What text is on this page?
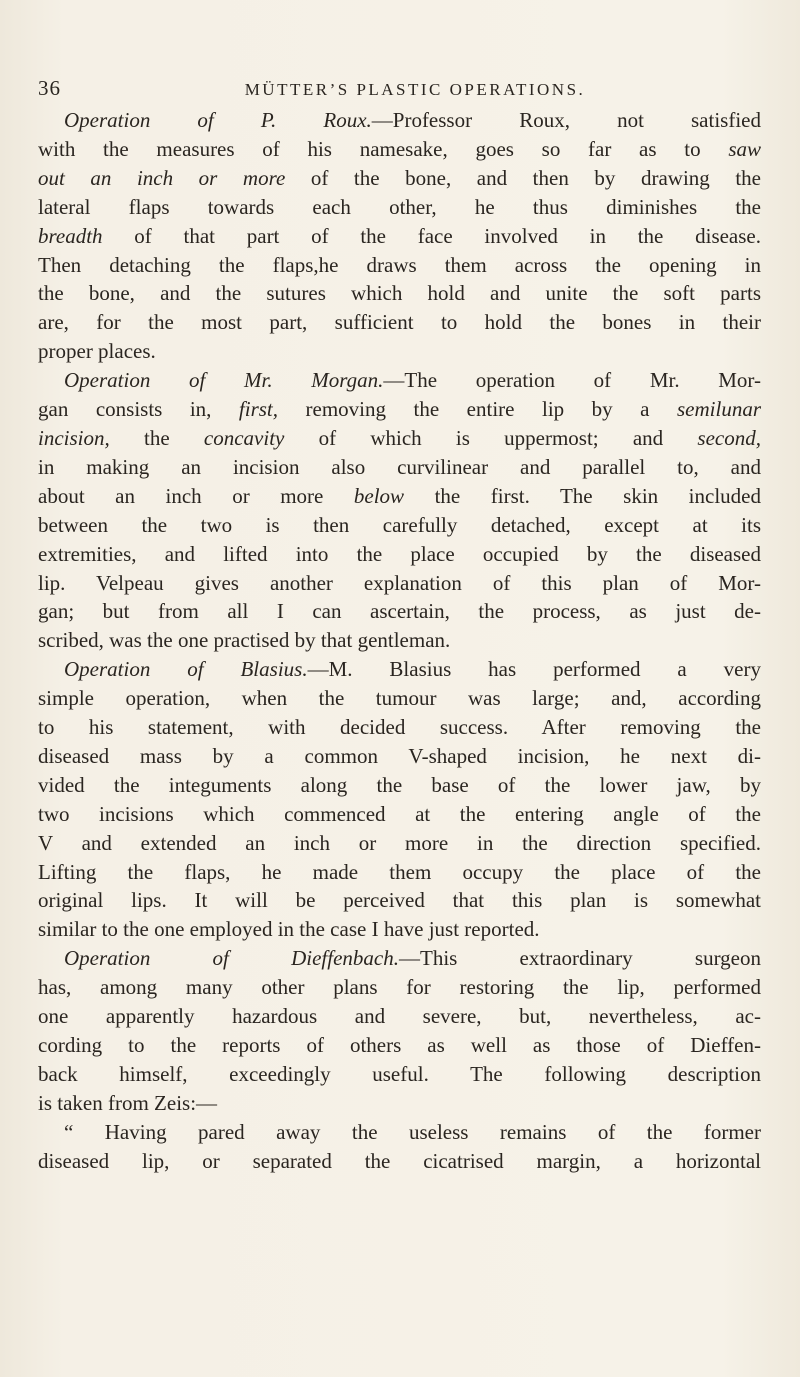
36	MÜTTER’S PLASTIC OPERATIONS.
Operation of P. Roux.—Professor Roux, not satisfied
with the measures of his namesake, goes so far as to saw
out an inch or more of the bone, and then by drawing the
lateral flaps towards each other, he thus diminishes the
breadth of that part of the face involved in the disease.
Then detaching the flaps,he draws them across the opening in
the bone, and the sutures which hold and unite the soft parts
are, for the most part, sufficient to hold the bones in their
proper places.
Operation of Mr. Morgan.—The operation of Mr. Mor-
gan consists in, first, removing the entire lip by a semilunar
incision, the concavity of which is uppermost; and second,
in making an incision also curvilinear and parallel to, and
about an inch or more below the first. The skin included
between the two is then carefully detached, except at its
extremities, and lifted into the place occupied by the diseased
lip. Velpeau gives another explanation of this plan of Mor-
gan; but from all I can ascertain, the process, as just de-
scribed, was the one practised by that gentleman.
Operation of Blasius.—M. Blasius has performed a very
simple operation, when the tumour was large; and, according
to his statement, with decided success. After removing the
diseased mass by a common V-shaped incision, he next di-
vided the integuments along the base of the lower jaw, by
two incisions which commenced at the entering angle of the
V and extended an inch or more in the direction specified.
Lifting the flaps, he made them occupy the place of the
original lips. It will be perceived that this plan is somewhat
similar to the one employed in the case I have just reported.
Operation of Dieffenbach.—This extraordinary surgeon
has, among many other plans for restoring the lip, performed
one apparently hazardous and severe, but, nevertheless, ac-
cording to the reports of others as well as those of Dieffen-
back himself, exceedingly useful. The following description
is taken from Zeis:—
“ Having pared away the useless remains of the former
diseased lip, or separated the cicatrised margin, a horizontal
